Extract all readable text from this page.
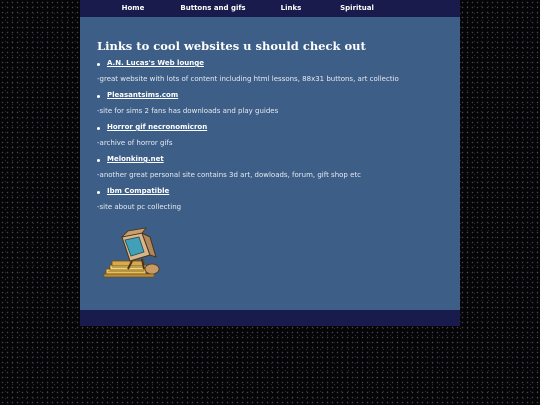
Home	Buttons and gifs	Links	Spiritual
Links to cool websites u should check out
A.N. Lucas's Web lounge
-great website with lots of content including html lessons, 88x31 buttons, art collectio
Pleasantsims.com
-site for sims 2 fans has downloads and play guides
Horror gif necronomicron
-archive of horror gifs
Melonking.net
-another great personal site contains 3d art, dowloads, forum, gift shop etc
Ibm Compatible
-site about pc collecting
